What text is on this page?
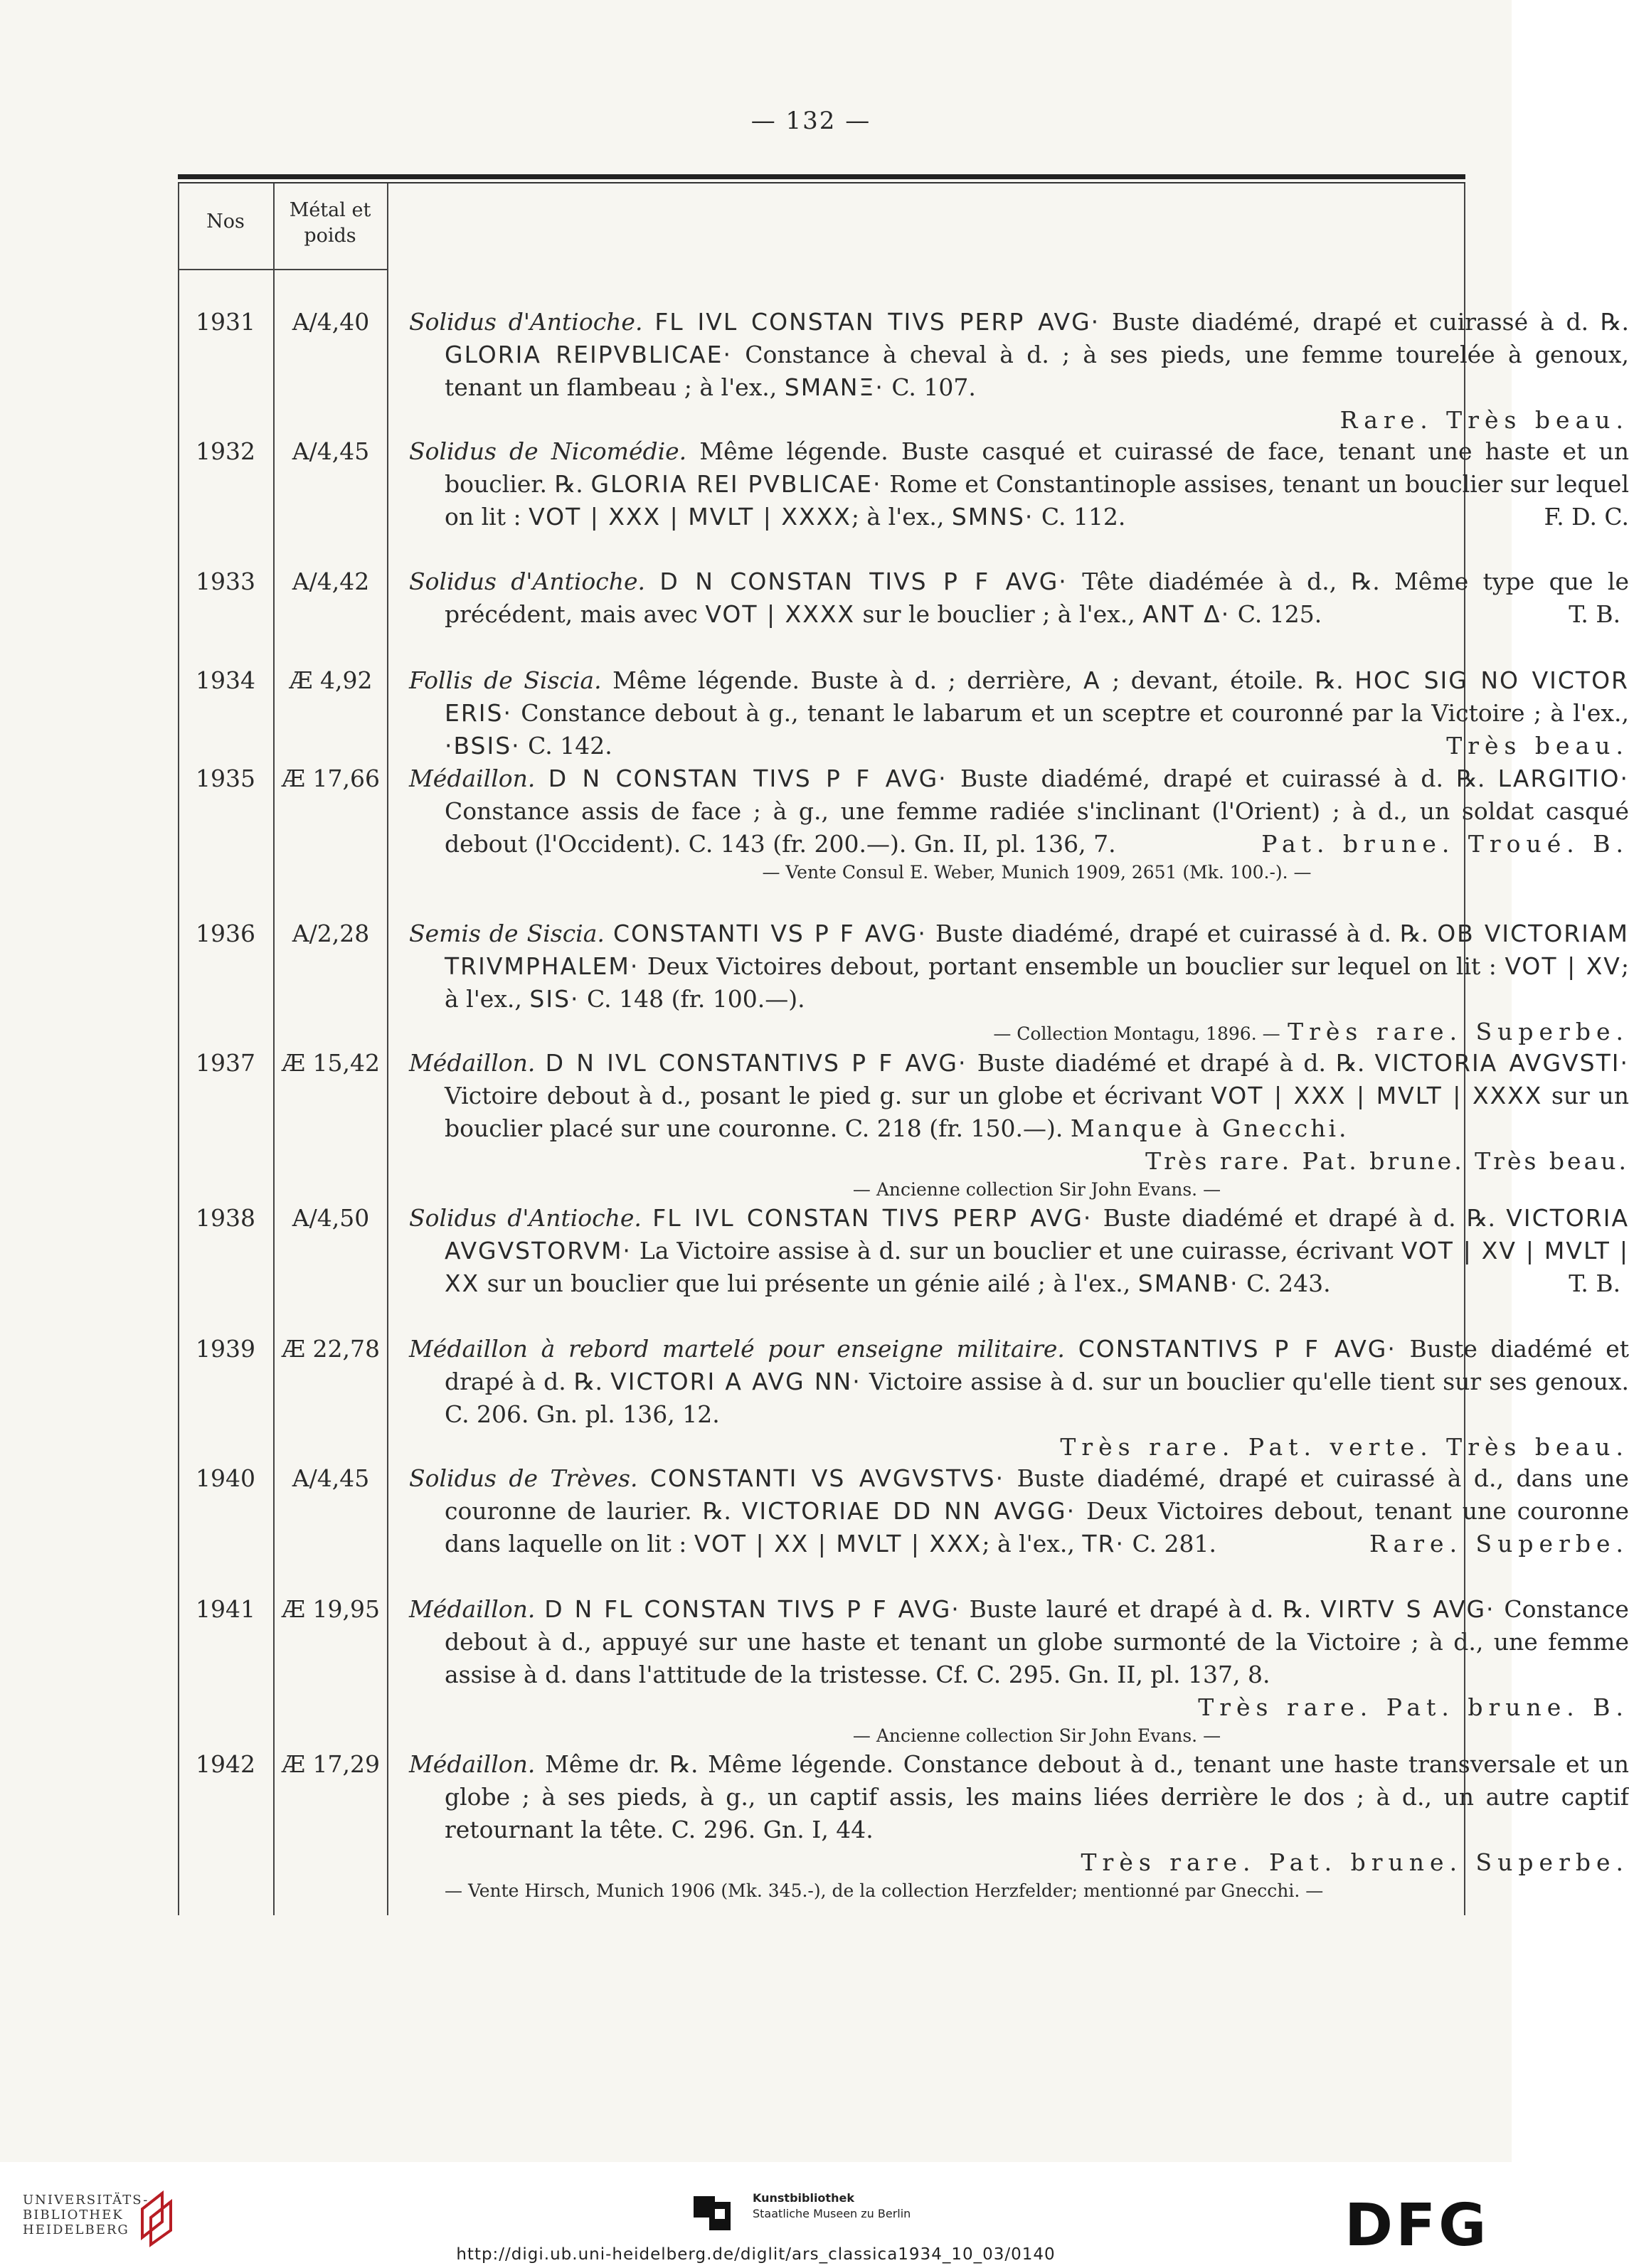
— 132 —
Nos
Métal et poids
1931	A/4,40	Solidus d'Antioche. FL IVL CONSTAN TIVS PERP AVG· Buste diadémé, drapé et cuirassé à d. ℞. GLORIA REIPVBLICAE· Constance à cheval à d. ; à ses pieds, une femme tourelée à genoux, tenant un flambeau ; à l'ex., SMANΞ· C. 107.
Rare. Très beau.

1932	A/4,45	Solidus de Nicomédie. Même légende. Buste casqué et cuirassé de face, tenant une haste et un bouclier. ℞. GLORIA REI PVBLICAE· Rome et Constantinople assises, tenant un bouclier sur lequel on lit : VOT | XXX | MVLT | XXXX; à l'ex., SMNS· C. 112.	F. D. C.

1933	A/4,42	Solidus d'Antioche. D N CONSTAN TIVS P F AVG· Tête diadémée à d., ℞. Même type que le précédent, mais avec VOT | XXXX sur le bouclier ; à l'ex., ANT Δ· C. 125.	T. B.

1934	Æ 4,92	Follis de Siscia. Même légende. Buste à d. ; derrière, A ; devant, étoile. ℞. HOC SIG NO VICTOR ERIS· Constance debout à g., tenant le labarum et un sceptre et couronné par la Victoire ; à l'ex., ·BSIS· C. 142.	Très beau.

1935	Æ 17,66 Médaillon. D N CONSTAN TIVS P F AVG· Buste diadémé, drapé et cuirassé à d. ℞. LARGITIO· Constance assis de face ; à g., une femme radiée s'inclinant (l'Orient) ; à d., un soldat casqué debout (l'Occident). C. 143 (fr. 200.—). Gn. II, pl. 136, 7.	Pat. brune. Troué. B.
— Vente Consul E. Weber, Munich 1909, 2651 (Mk. 100.-). —

1936	A/2,28	Semis de Siscia. CONSTANTI VS P F AVG· Buste diadémé, drapé et cuirassé à d. ℞. OB VICTORIAM TRIVMPHALEM· Deux Victoires debout, portant ensemble un bouclier sur lequel on lit : VOT | XV; à l'ex., SIS· C. 148 (fr. 100.—).
— Collection Montagu, 1896. — Très rare. Superbe.

1937	Æ 15,42 Médaillon. D N IVL CONSTANTIVS P F AVG· Buste diadémé et drapé à d. ℞. VICTORIA AVGVSTI· Victoire debout à d., posant le pied g. sur un globe et écrivant VOT | XXX | MVLT | XXXX sur un bouclier placé sur une couronne. C. 218 (fr. 150.—). Manque à Gnecchi.
Très rare. Pat. brune. Très beau.
— Ancienne collection Sir John Evans. —

1938	A/4,50	Solidus d'Antioche. FL IVL CONSTAN TIVS PERP AVG· Buste diadémé et drapé à d. ℞. VICTORIA AVGVSTORVM· La Victoire assise à d. sur un bouclier et une cuirasse, écrivant VOT | XV | MVLT | XX sur un bouclier que lui présente un génie ailé ; à l'ex., SMANB· C. 243.	T. B.

1939	Æ 22,78 Médaillon à rebord martelé pour enseigne militaire. CONSTANTIVS P F AVG· Buste diadémé et drapé à d. ℞. VICTORI A AVG NN· Victoire assise à d. sur un bouclier qu'elle tient sur ses genoux. C. 206. Gn. pl. 136, 12.
Très rare. Pat. verte. Très beau.

1940	A/4,45	Solidus de Trèves. CONSTANTI VS AVGVSTVS· Buste diadémé, drapé et cuirassé à d., dans une couronne de laurier. ℞. VICTORIAE DD NN AVGG· Deux Victoires debout, tenant une couronne dans laquelle on lit : VOT | XX | MVLT | XXX; à l'ex., TR· C. 281.	Rare. Superbe.

1941	Æ 19,95 Médaillon. D N FL CONSTAN TIVS P F AVG· Buste lauré et drapé à d. ℞. VIRTV S AVG· Constance debout à d., appuyé sur une haste et tenant un globe surmonté de la Victoire ; à d., une femme assise à d. dans l'attitude de la tristesse. Cf. C. 295. Gn. II, pl. 137, 8.
Très rare. Pat. brune. B.
— Ancienne collection Sir John Evans. —

1942	Æ 17,29 Médaillon. Même dr. ℞. Même légende. Constance debout à d., tenant une haste transversale et un globe ; à ses pieds, à g., un captif assis, les mains liées derrière le dos ; à d., un autre captif retournant la tête. C. 296. Gn. I, 44.
Très rare. Pat. brune. Superbe.
— Vente Hirsch, Munich 1906 (Mk. 345.-), de la collection Herzfelder; mentionné par Gnecchi. —

UNIVERSITÄTS-
BIBLIOTHEK
HEIDELBERG
Kunstbibliothek
Staatliche Museen zu Berlin	DFG
http://digi.ub.uni-heidelberg.de/diglit/ars_classica1934_10_03/0140
